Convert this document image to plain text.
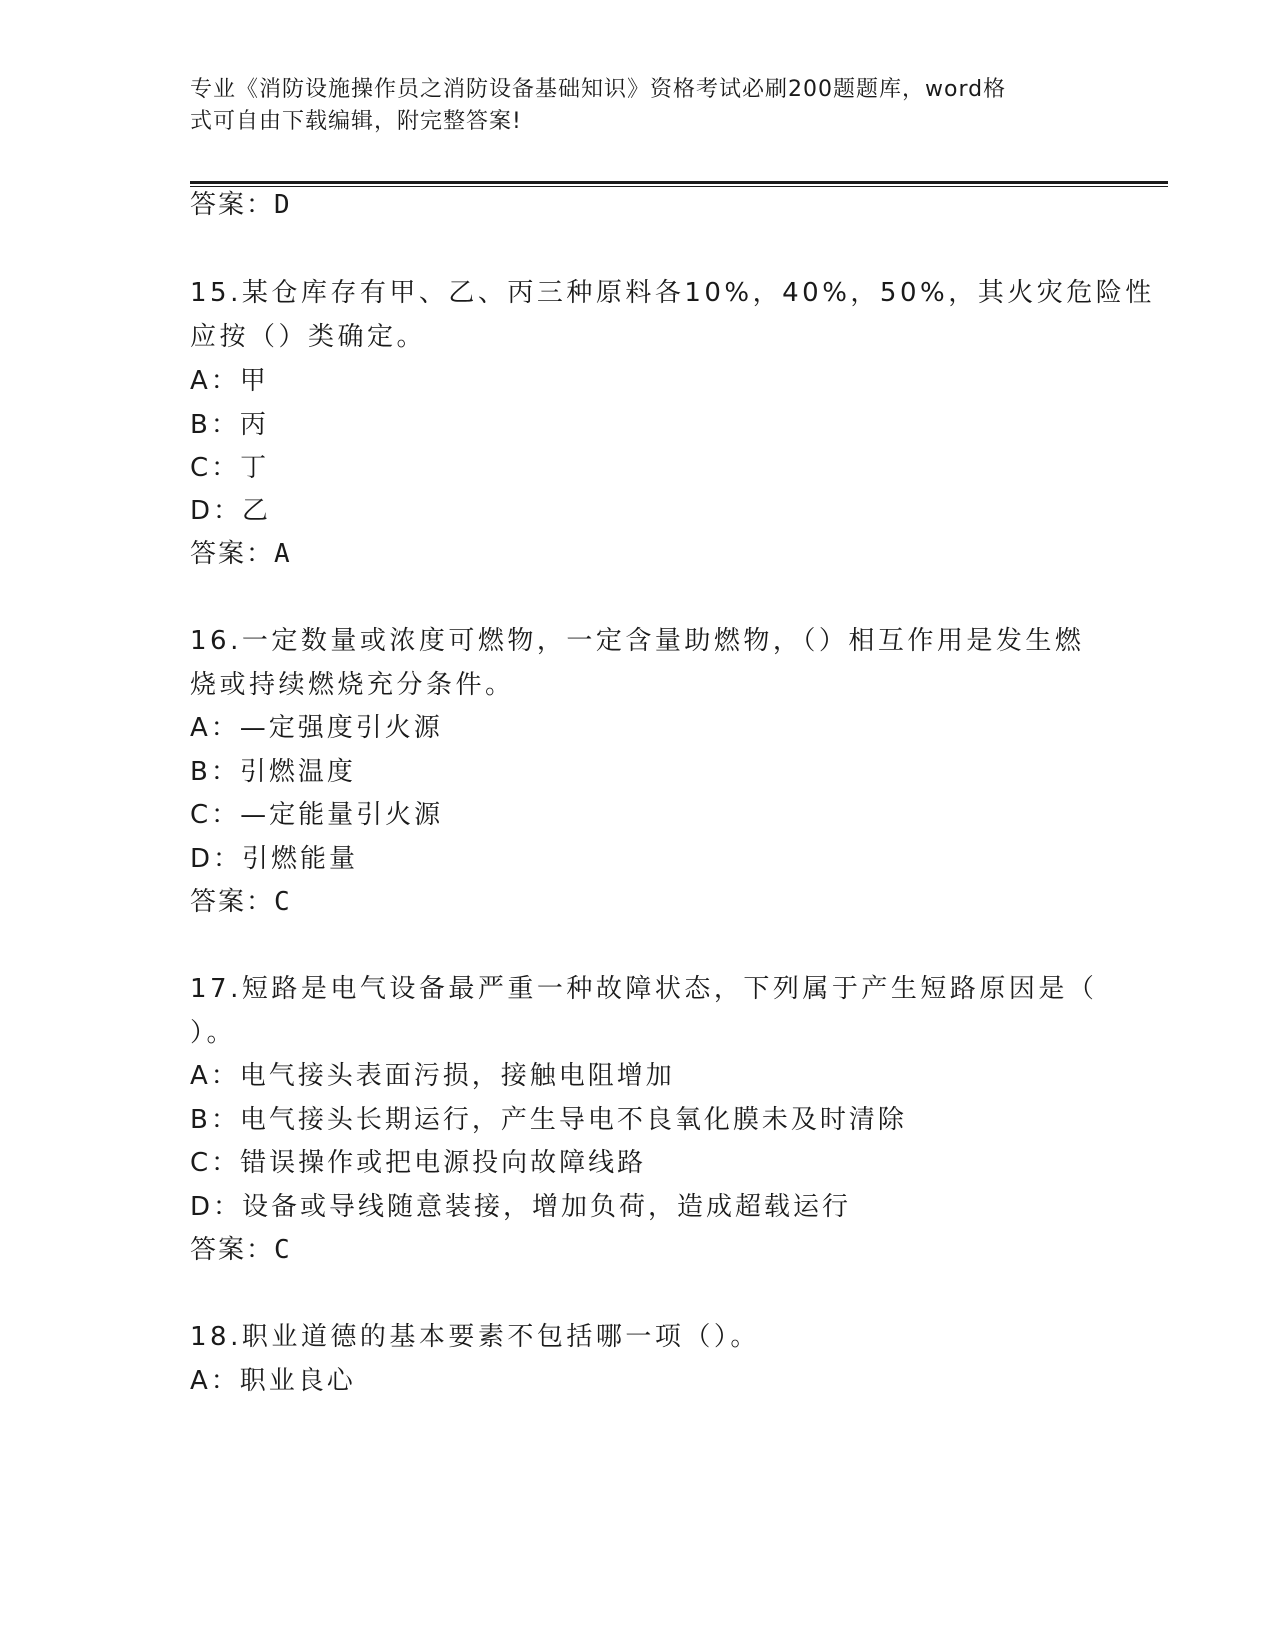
专业《消防设施操作员之消防设备基础知识》资格考试必刷200题题库，word格
式可自由下载编辑，附完整答案!
答案：D
15.某仓库存有甲、乙、丙三种原料各10%，40%，50%，其火灾危险性
应按（）类确定。
A：甲
B：丙
C：丁
D：乙
答案：A
16.一定数量或浓度可燃物，一定含量助燃物，（）相互作用是发生燃
烧或持续燃烧充分条件。
A：—定强度引火源
B：引燃温度
C：—定能量引火源
D：引燃能量
答案：C
17.短路是电气设备最严重一种故障状态，下列属于产生短路原因是（
）。
A：电气接头表面污损，接触电阻增加
B：电气接头长期运行，产生导电不良氧化膜未及时清除
C：错误操作或把电源投向故障线路
D：设备或导线随意装接，增加负荷，造成超载运行
答案：C
18.职业道德的基本要素不包括哪一项（）。
A：职业良心
